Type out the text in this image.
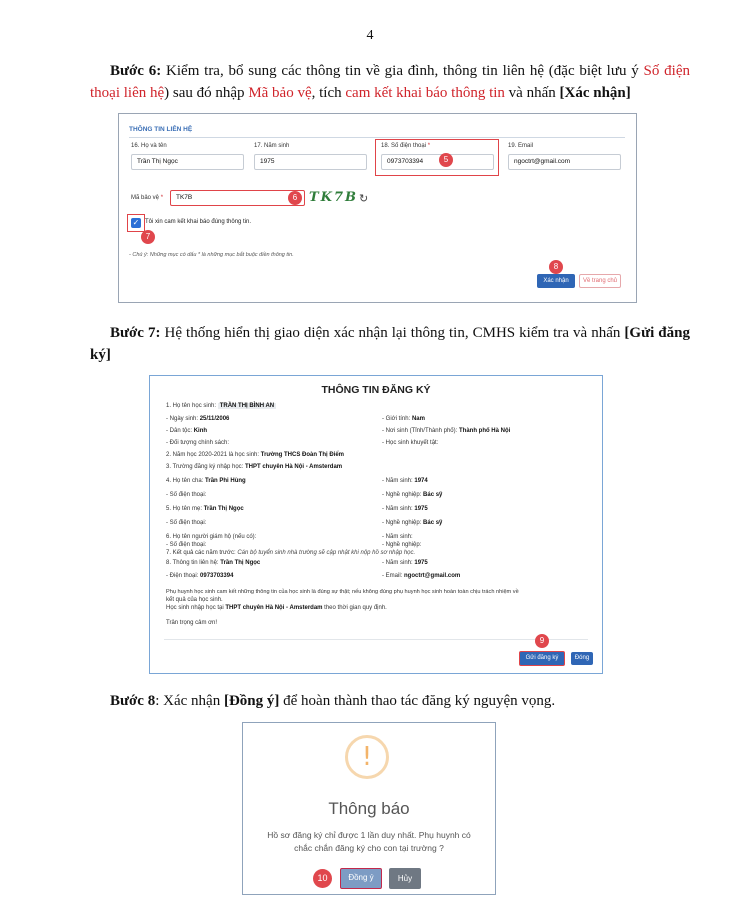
4
Bước 6: Kiểm tra, bổ sung các thông tin về gia đình, thông tin liên hệ (đặc biệt lưu ý Số điện thoại liên hệ) sau đó nhập Mã bảo vệ, tích cam kết khai báo thông tin và nhấn [Xác nhận]
THÔNG TIN LIÊN HỆ
16. Họ và tên
Trần Thị Ngọc
17. Năm sinh
1975
18. Số điện thoại *
0973703394
19. Email
ngoctrt@gmail.com
5
Mã bảo vệ *	TK7B	6 TK7B ↻
✓ Tôi xin cam kết khai báo đúng thông tin.
7
- Chú ý: Những mục có dấu * là những mục bắt buộc điền thông tin.
8
Xác nhận	Về trang chủ
Bước 7: Hệ thống hiển thị giao diện xác nhận lại thông tin, CMHS kiểm tra và nhấn [Gửi đăng ký]
THÔNG TIN ĐĂNG KÝ
1. Họ tên học sinh: TRẦN THỊ BÌNH AN
- Ngày sinh: 25/11/2006	- Giới tính: Nam
- Dân tộc: Kinh	- Nơi sinh (Tỉnh/Thành phố): Thành phố Hà Nội
- Đối tượng chính sách:	- Học sinh khuyết tật:
2. Năm học 2020-2021 là học sinh: Trường THCS Đoàn Thị Điểm
3. Trường đăng ký nhập học: THPT chuyên Hà Nội - Amsterdam
4. Họ tên cha: Trần Phi Hùng	- Năm sinh: 1974
- Số điện thoại:	- Nghề nghiệp: Bác sỹ
5. Họ tên mẹ: Trần Thị Ngọc	- Năm sinh: 1975
- Số điện thoại:	- Nghề nghiệp: Bác sỹ
6. Họ tên người giám hộ (nếu có):	- Năm sinh:
- Số điện thoại:	- Nghề nghiệp:
7. Kết quả các năm trước: Cán bộ tuyển sinh nhà trường sẽ cập nhật khi nộp hồ sơ nhập học.
8. Thông tin liên hệ: Trần Thị Ngọc	- Năm sinh: 1975
- Điện thoại: 0973703394	- Email: ngoctrt@gmail.com
Phụ huynh học sinh cam kết những thông tin của học sinh là đúng sự thật; nếu không đúng phụ huynh học sinh hoàn toàn chịu trách nhiệm về
kết quả của học sinh.
Học sinh nhập học tại THPT chuyên Hà Nội - Amsterdam theo thời gian quy định.
Trân trọng cảm ơn!
9
Gửi đăng ký	Đóng
Bước 8: Xác nhận [Đồng ý] để hoàn thành thao tác đăng ký nguyện vọng.
!
Thông báo
Hồ sơ đăng ký chỉ được 1 lần duy nhất. Phụ huynh có chắc chắn đăng ký cho con tại trường ?
10	Đồng ý	Hủy
